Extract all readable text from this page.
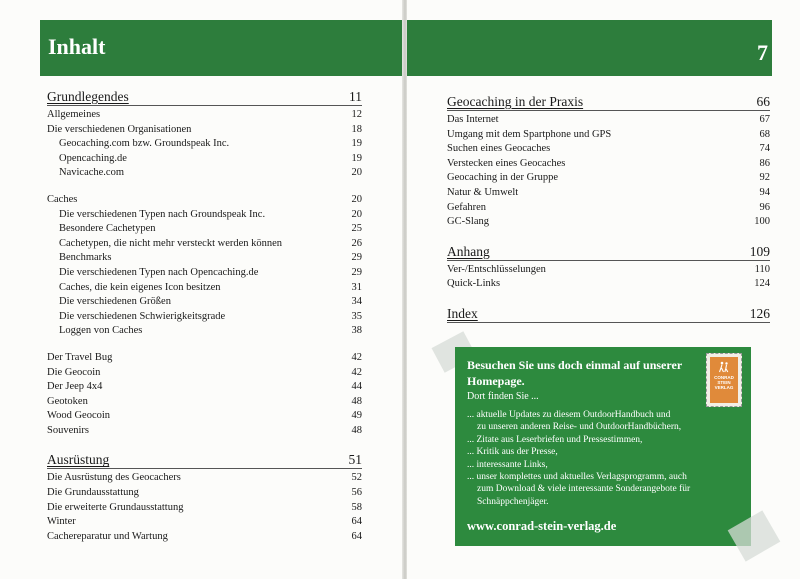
Inhalt
Grundlegendes	11
Allgemeines	12
Die verschiedenen Organisationen	18
Geocaching.com bzw. Groundspeak Inc.	19
Opencaching.de	19
Navicache.com	20
Caches	20
Die verschiedenen Typen nach Groundspeak Inc.	20
Besondere Cachetypen	25
Cachetypen, die nicht mehr versteckt werden können	26
Benchmarks	29
Die verschiedenen Typen nach Opencaching.de	29
Caches, die kein eigenes Icon besitzen	31
Die verschiedenen Größen	34
Die verschiedenen Schwierigkeitsgrade	35
Loggen von Caches	38
Der Travel Bug	42
Die Geocoin	42
Der Jeep 4x4	44
Geotoken	48
Wood Geocoin	49
Souvenirs	48
Ausrüstung	51
Die Ausrüstung des Geocachers	52
Die Grundausstattung	56
Die erweiterte Grundausstattung	58
Winter	64
Cachereparatur und Wartung	64
7
Geocaching in der Praxis	66
Das Internet	67
Umgang mit dem Spartphone und GPS	68
Suchen eines Geocaches	74
Verstecken eines Geocaches	86
Geocaching in der Gruppe	92
Natur & Umwelt	94
Gefahren	96
GC-Slang	100
Anhang	109
Ver-/Entschlüsselungen	110
Quick-Links	124
Index	126
Besuchen Sie uns doch einmal auf unserer Homepage.	CONRAD
STEIN
VERLAG
Dort finden Sie ...
... aktuelle Updates zu diesem OutdoorHandbuch und
zu unseren anderen Reise- und OutdoorHandbüchern,
... Zitate aus Leserbriefen und Pressestimmen,
... Kritik aus der Presse,
... interessante Links,
... unser komplettes und aktuelles Verlagsprogramm, auch
zum Download & viele interessante Sonderangebote für
Schnäppchenjäger.
www.conrad-stein-verlag.de
